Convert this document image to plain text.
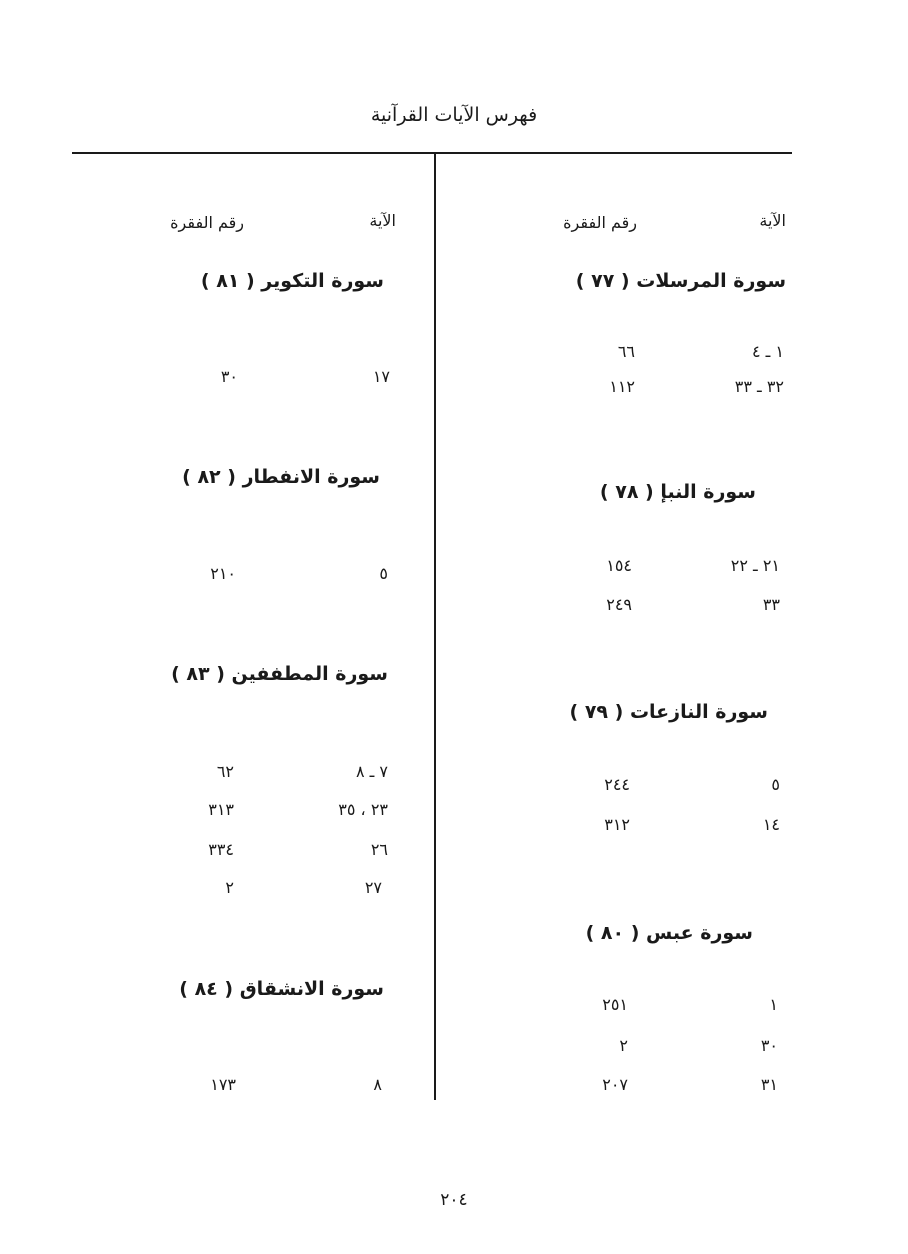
فهرس الآيات القرآنية
الآية
رقم الفقرة
سورة المرسلات ( ٧٧ )
١ ـ ٤
٦٦
٣٢ ـ ٣٣
١١٢
سورة النبإ ( ٧٨ )
٢١ ـ ٢٢
١٥٤
٣٣
٢٤٩
سورة النازعات ( ٧٩ )
٥
٢٤٤
١٤
٣١٢
سورة عبس ( ٨٠ )
١
٢٥١
٣٠
٢
٣١
٢٠٧
الآية
رقم الفقرة
سورة التكوير ( ٨١ )
١٧
٣٠
سورة الانفطار ( ٨٢ )
٥
٢١٠
سورة المطففين ( ٨٣ )
٧ ـ ٨
٦٢
٢٣ ، ٣٥
٣١٣
٢٦
٣٣٤
٢٧
٢
سورة الانشقاق ( ٨٤ )
٨
١٧٣
٢٠٤
